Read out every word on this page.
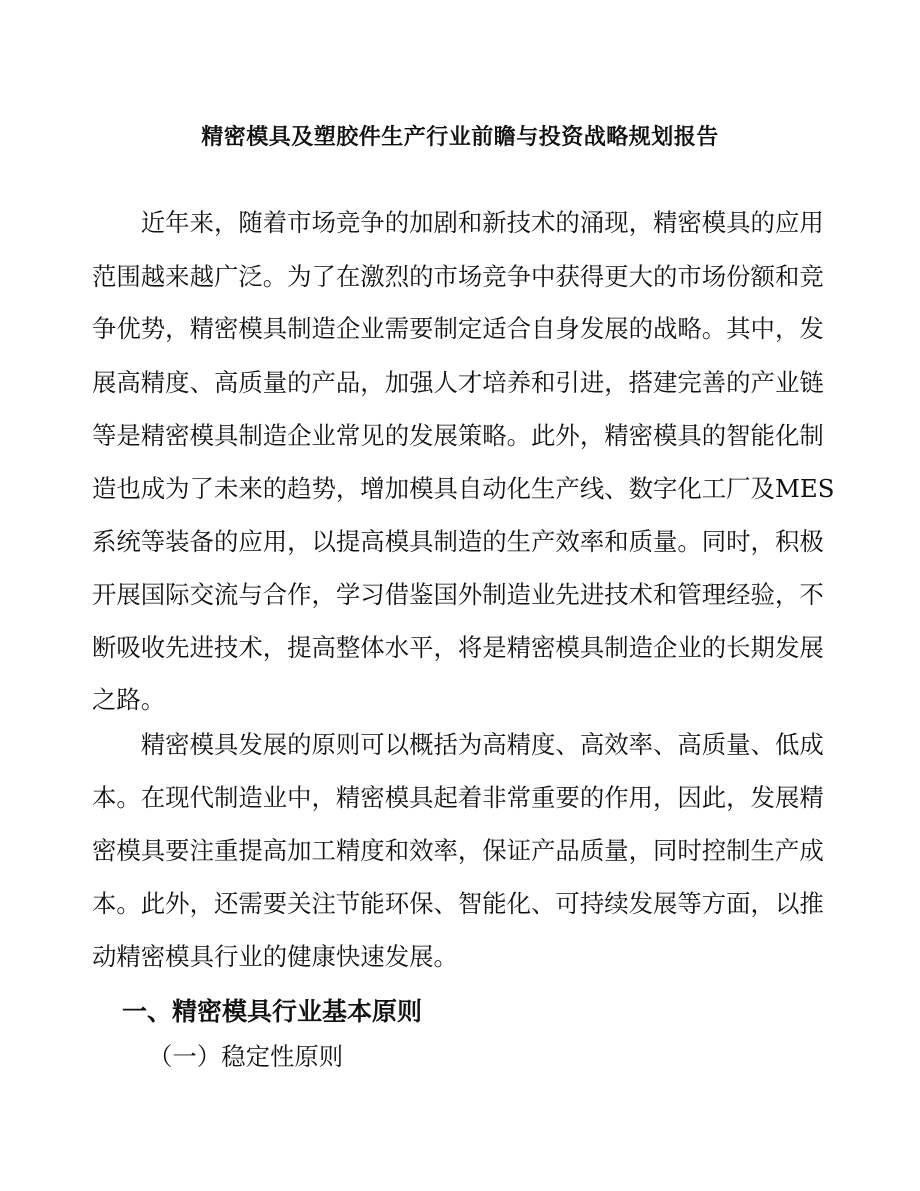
精密模具及塑胶件生产行业前瞻与投资战略规划报告
　　近年来，随着市场竞争的加剧和新技术的涌现，精密模具的应用
范围越来越广泛。为了在激烈的市场竞争中获得更大的市场份额和竞
争优势，精密模具制造企业需要制定适合自身发展的战略。其中，发
展高精度、高质量的产品，加强人才培养和引进，搭建完善的产业链
等是精密模具制造企业常见的发展策略。此外，精密模具的智能化制
造也成为了未来的趋势，增加模具自动化生产线、数字化工厂及MES
系统等装备的应用，以提高模具制造的生产效率和质量。同时，积极
开展国际交流与合作，学习借鉴国外制造业先进技术和管理经验，不
断吸收先进技术，提高整体水平，将是精密模具制造企业的长期发展
之路。
　　精密模具发展的原则可以概括为高精度、高效率、高质量、低成
本。在现代制造业中，精密模具起着非常重要的作用，因此，发展精
密模具要注重提高加工精度和效率，保证产品质量，同时控制生产成
本。此外，还需要关注节能环保、智能化、可持续发展等方面，以推
动精密模具行业的健康快速发展。
一、精密模具行业基本原则
（一）稳定性原则
